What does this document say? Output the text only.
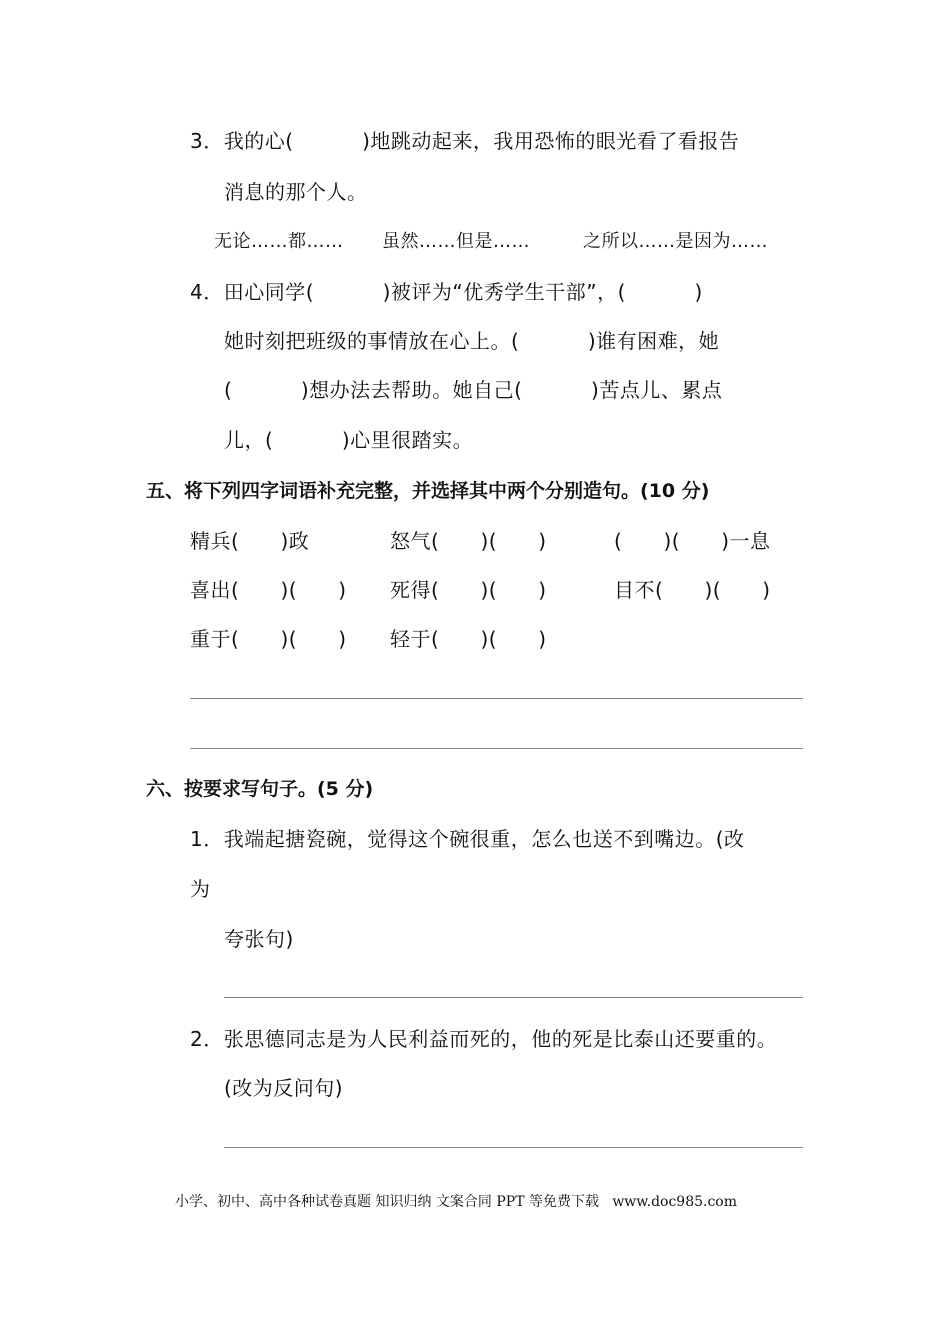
3．我的心(          )地跳动起来，我用恐怖的眼光看了看报告
消息的那个人。
无论……都…… 虽然……但是……	之所以……是因为……
4．田心同学(          )被评为“优秀学生干部”，(          )
她时刻把班级的事情放在心上。(          )谁有困难，她
(          )想办法去帮助。她自己(          )苦点儿、累点
儿，(          )心里很踏实。
五、将下列四字词语补充完整，并选择其中两个分别造句。(10 分)
精兵(      )政	怒气(      )(      )	(      )(      )一息
喜出(      )(      ) 死得(      )(      )	目不(      )(      )
重于(      )(      ) 轻于(      )(      )
六、按要求写句子。(5 分)
1．我端起搪瓷碗，觉得这个碗很重，怎么也送不到嘴边。(改
为
夸张句)
2．张思德同志是为人民利益而死的，他的死是比泰山还要重的。
(改为反问句)
小学、初中、高中各种试卷真题 知识归纳 文案合同 PPT 等免费下载   www.doc985.com
